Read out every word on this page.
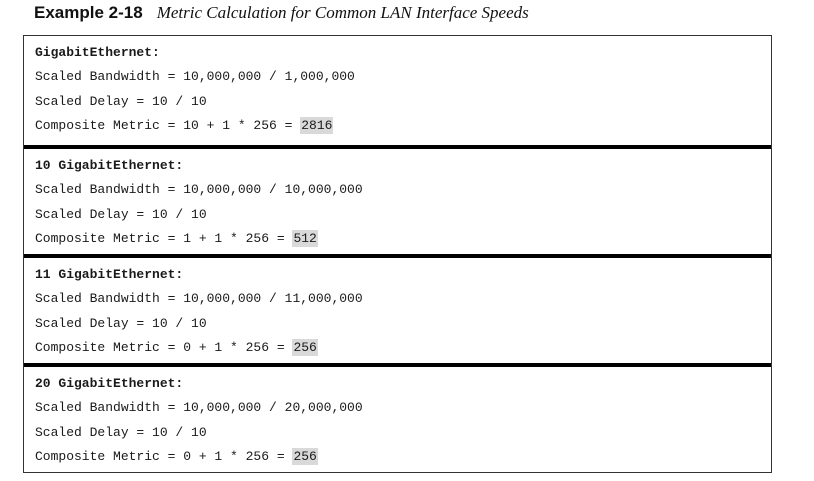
Example 2-18 Metric Calculation for Common LAN Interface Speeds
GigabitEthernet:
Scaled Bandwidth = 10,000,000 / 1,000,000
Scaled Delay = 10 / 10
Composite Metric = 10 + 1 * 256 = 2816
10 GigabitEthernet:
Scaled Bandwidth = 10,000,000 / 10,000,000
Scaled Delay = 10 / 10
Composite Metric = 1 + 1 * 256 = 512
11 GigabitEthernet:
Scaled Bandwidth = 10,000,000 / 11,000,000
Scaled Delay = 10 / 10
Composite Metric = 0 + 1 * 256 = 256
20 GigabitEthernet:
Scaled Bandwidth = 10,000,000 / 20,000,000
Scaled Delay = 10 / 10
Composite Metric = 0 + 1 * 256 = 256
